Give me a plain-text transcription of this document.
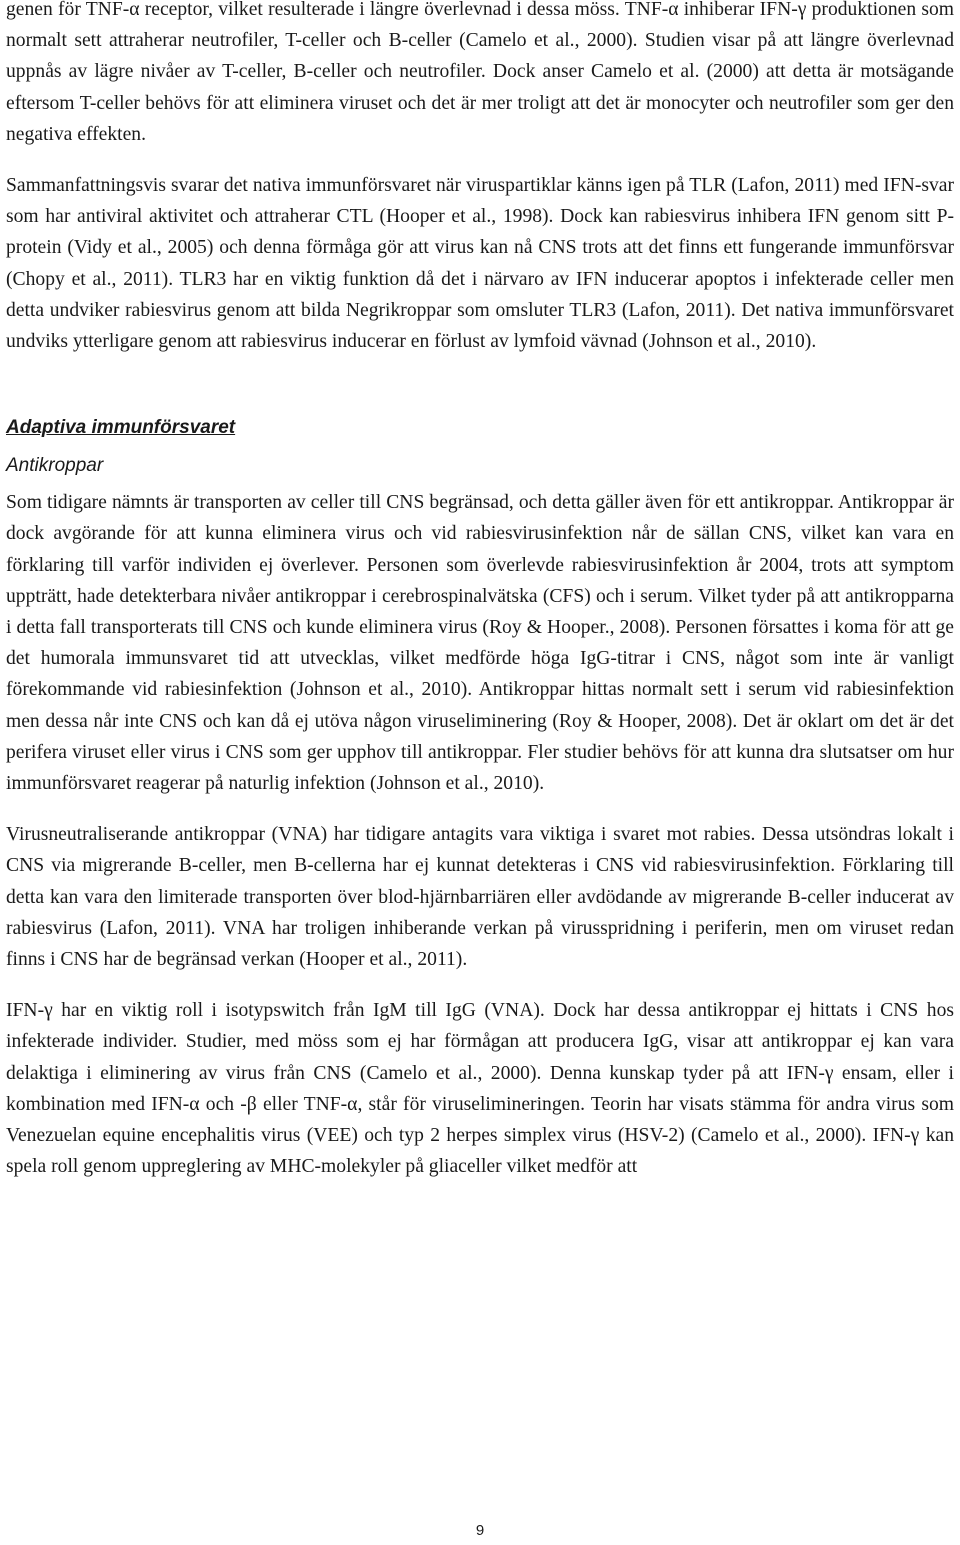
genen för TNF-α receptor, vilket resulterade i längre överlevnad i dessa möss. TNF-α inhiberar IFN-γ produktionen som normalt sett attraherar neutrofiler, T-celler och B-celler (Camelo et al., 2000). Studien visar på att längre överlevnad uppnås av lägre nivåer av T-celler, B-celler och neutrofiler. Dock anser Camelo et al. (2000) att detta är motsägande eftersom T-celler behövs för att eliminera viruset och det är mer troligt att det är monocyter och neutrofiler som ger den negativa effekten.

Sammanfattningsvis svarar det nativa immunförsvaret när viruspartiklar känns igen på TLR (Lafon, 2011) med IFN-svar som har antiviral aktivitet och attraherar CTL (Hooper et al., 1998). Dock kan rabiesvirus inhibera IFN genom sitt P-protein (Vidy et al., 2005) och denna förmåga gör att virus kan nå CNS trots att det finns ett fungerande immunförsvar (Chopy et al., 2011). TLR3 har en viktig funktion då det i närvaro av IFN inducerar apoptos i infekterade celler men detta undviker rabiesvirus genom att bilda Negrikroppar som omsluter TLR3 (Lafon, 2011). Det nativa immunförsvaret undviks ytterligare genom att rabiesvirus inducerar en förlust av lymfoid vävnad (Johnson et al., 2010).

Adaptiva immunförsvaret
Antikroppar

Som tidigare nämnts är transporten av celler till CNS begränsad, och detta gäller även för ett antikroppar. Antikroppar är dock avgörande för att kunna eliminera virus och vid rabiesvirusinfektion når de sällan CNS, vilket kan vara en förklaring till varför individen ej överlever. Personen som överlevde rabiesvirusinfektion år 2004, trots att symptom uppträtt, hade detekterbara nivåer antikroppar i cerebrospinalvätska (CFS) och i serum. Vilket tyder på att antikropparna i detta fall transporterats till CNS och kunde eliminera virus (Roy & Hooper., 2008). Personen försattes i koma för att ge det humorala immunsvaret tid att utvecklas, vilket medförde höga IgG-titrar i CNS, något som inte är vanligt förekommande vid rabiesinfektion (Johnson et al., 2010). Antikroppar hittas normalt sett i serum vid rabiesinfektion men dessa når inte CNS och kan då ej utöva någon viruseliminering (Roy & Hooper, 2008). Det är oklart om det är det perifera viruset eller virus i CNS som ger upphov till antikroppar. Fler studier behövs för att kunna dra slutsatser om hur immunförsvaret reagerar på naturlig infektion (Johnson et al., 2010).

Virusneutraliserande antikroppar (VNA) har tidigare antagits vara viktiga i svaret mot rabies. Dessa utsöndras lokalt i CNS via migrerande B-celler, men B-cellerna har ej kunnat detekteras i CNS vid rabiesvirusinfektion. Förklaring till detta kan vara den limiterade transporten över blod-hjärnbarriären eller avdödande av migrerande B-celler inducerat av rabiesvirus (Lafon, 2011). VNA har troligen inhiberande verkan på virusspridning i periferin, men om viruset redan finns i CNS har de begränsad verkan (Hooper et al., 2011).

IFN-γ har en viktig roll i isotypswitch från IgM till IgG (VNA). Dock har dessa antikroppar ej hittats i CNS hos infekterade individer. Studier, med möss som ej har förmågan att producera IgG, visar att antikroppar ej kan vara delaktiga i eliminering av virus från CNS (Camelo et al., 2000). Denna kunskap tyder på att IFN-γ ensam, eller i kombination med IFN-α och -β eller TNF-α, står för viruselimineringen. Teorin har visats stämma för andra virus som Venezuelan equine encephalitis virus (VEE) och typ 2 herpes simplex virus (HSV-2) (Camelo et al., 2000). IFN-γ kan spela roll genom uppreglering av MHC-molekyler på gliaceller vilket medför att

9
